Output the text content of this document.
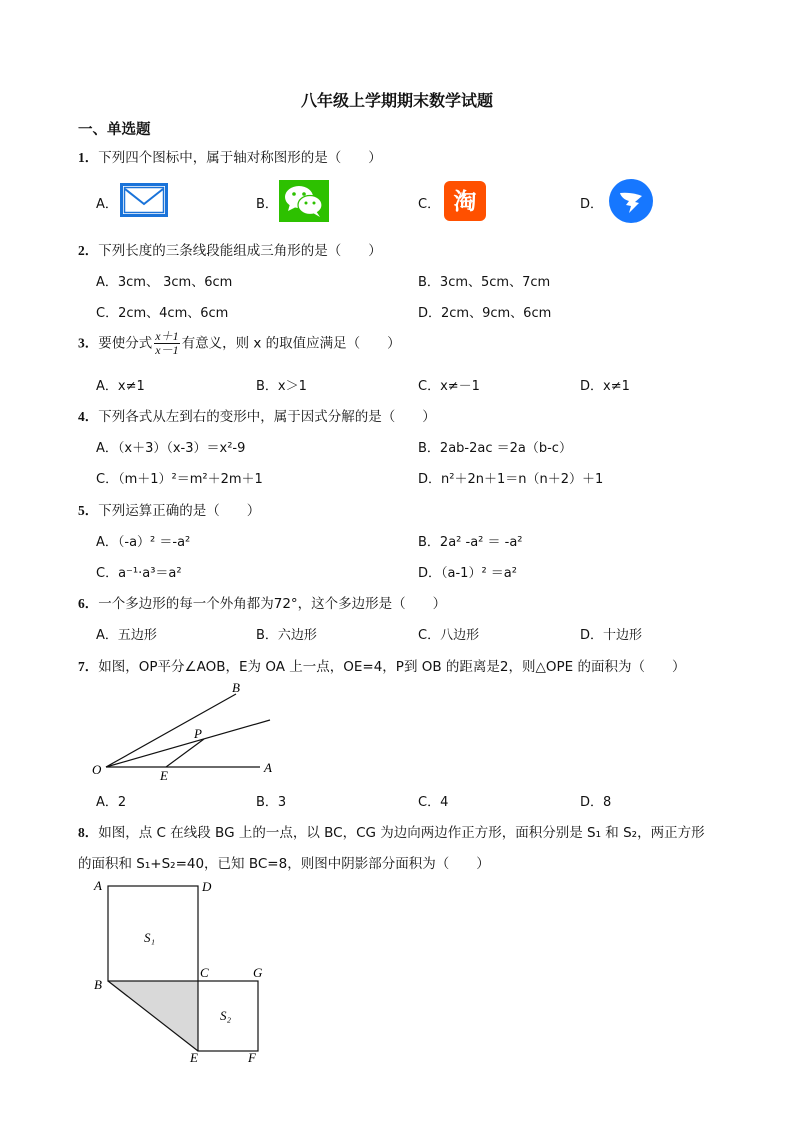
八年级上学期期末数学试题
一、单选题
1．下列四个图标中，属于轴对称图形的是（　　）
A．	B．	C．	D．
淘
2．下列长度的三条线段能组成三角形的是（　　）
A．3cm、 3cm、6cm	B．3cm、5cm、7cm
C．2cm、4cm、6cm	D．2cm、9cm、6cm
3．要使分式 $\frac{x+1}{x-1}$ 有意义，则 x 的取值应满足（　　）
A．x≠1	B．x＞1	C．x≠－1	D．x≠1
4．下列各式从左到右的变形中，属于因式分解的是（　　）
A．（x＋3）（x-3）＝x²-9	B．2ab-2ac ＝2a（b-c）
C．（m＋1）²＝m²＋2m＋1	D．n²＋2n＋1＝n（n＋2）＋1
5．下列运算正确的是（　　）
A．（-a）² ＝-a²	B．2a² -a² ＝ -a²
C．a⁻¹·a³＝a²	D．（a-1）² ＝a²
6．一个多边形的每一个外角都为72°，这个多边形是（　　）
A．五边形	B．六边形	C．八边形	D．十边形
7．如图，OP平分∠AOB，E为 OA 上一点，OE=4，P到 OB 的距离是2，则△OPE 的面积为（　　）
B
P
O	E
A
A．2	B．3	C．4	D．8
8．如图，点 C 在线段 BG 上的一点，以 BC，CG 为边向两边作正方形，面积分别是 S₁ 和 S₂，两正方形
的面积和 S₁+S₂=40，已知 BC=8，则图中阴影部分面积为（　　）
A	D
S₁
B
C	G
S₂
E	F
